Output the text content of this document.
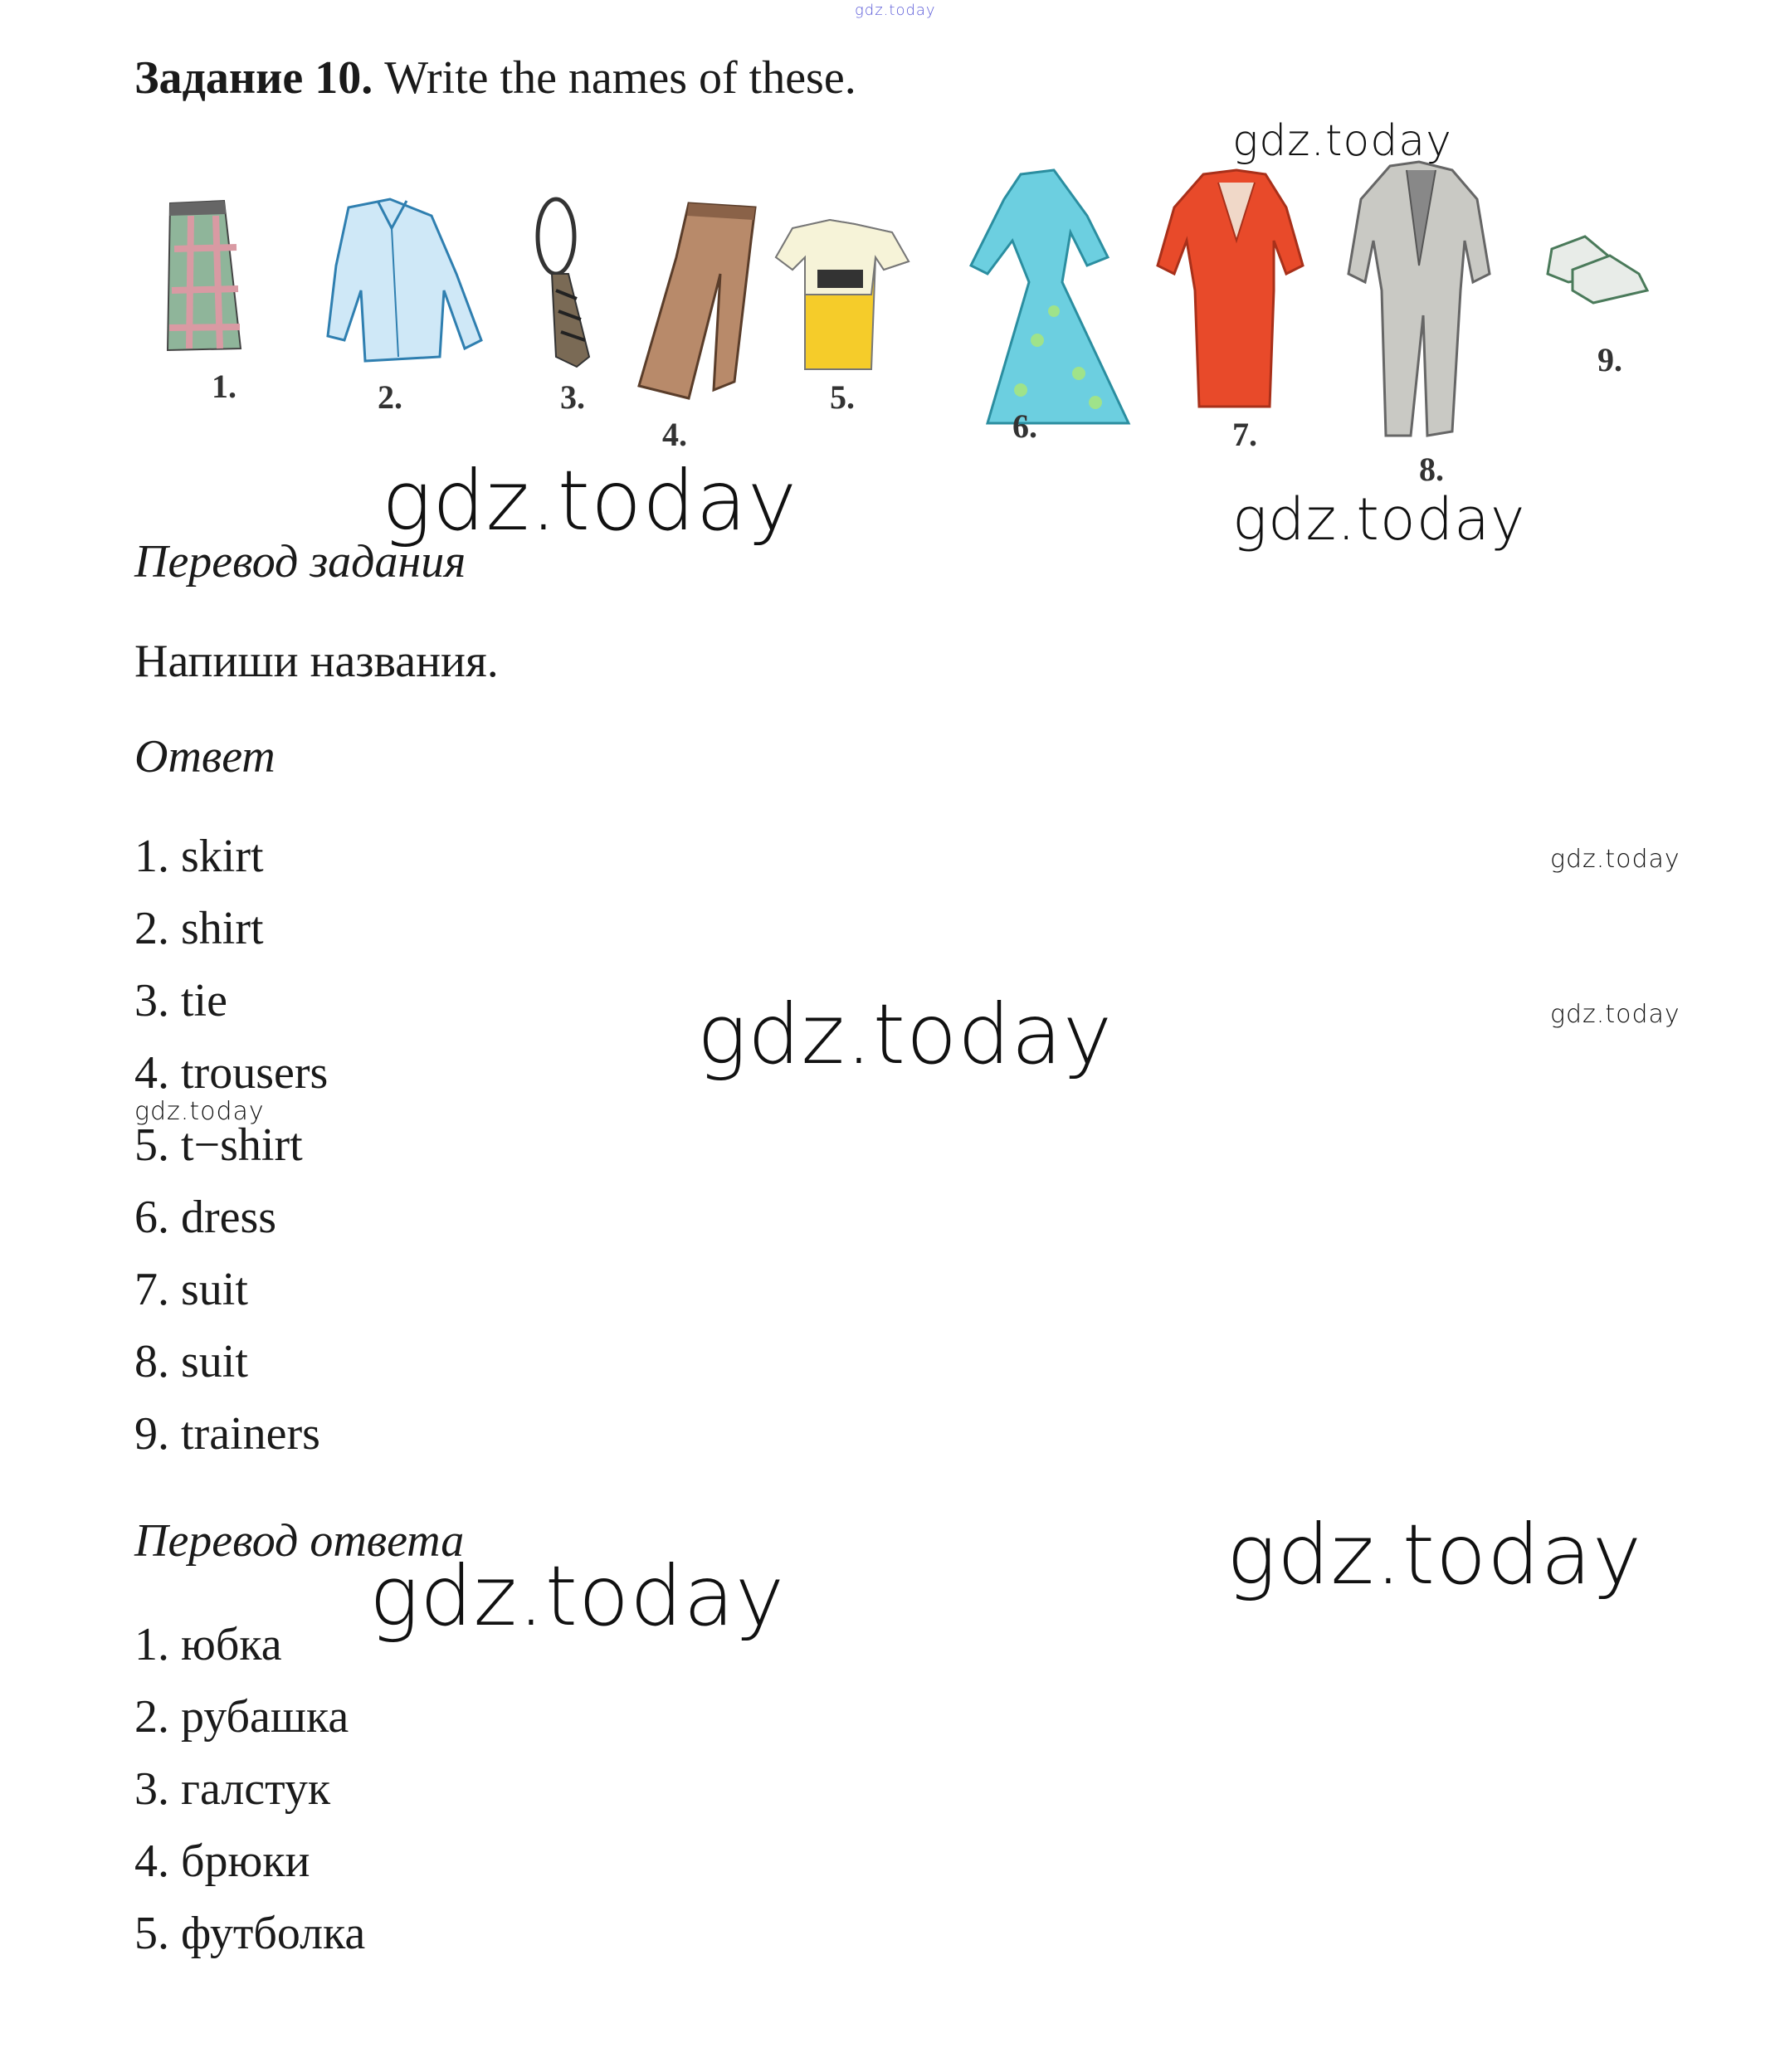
gdz.today
Задание 10. Write the names of these.
1.	2.	3.
4.
5.
6.	7.
8.
9.
gdz.today
gdz.today	gdz.today
Перевод задания
Напиши названия.
Ответ
1. skirt
2. shirt
3. tie
4. trousers
5. t−shirt
6. dress
7. suit
8. suit
9. trainers
gdz.today
gdz.today
gdz.today
gdz.today
Перевод ответа
1. юбка
2. рубашка
3. галстук
4. брюки
5. футболка
gdz.today	gdz.today
